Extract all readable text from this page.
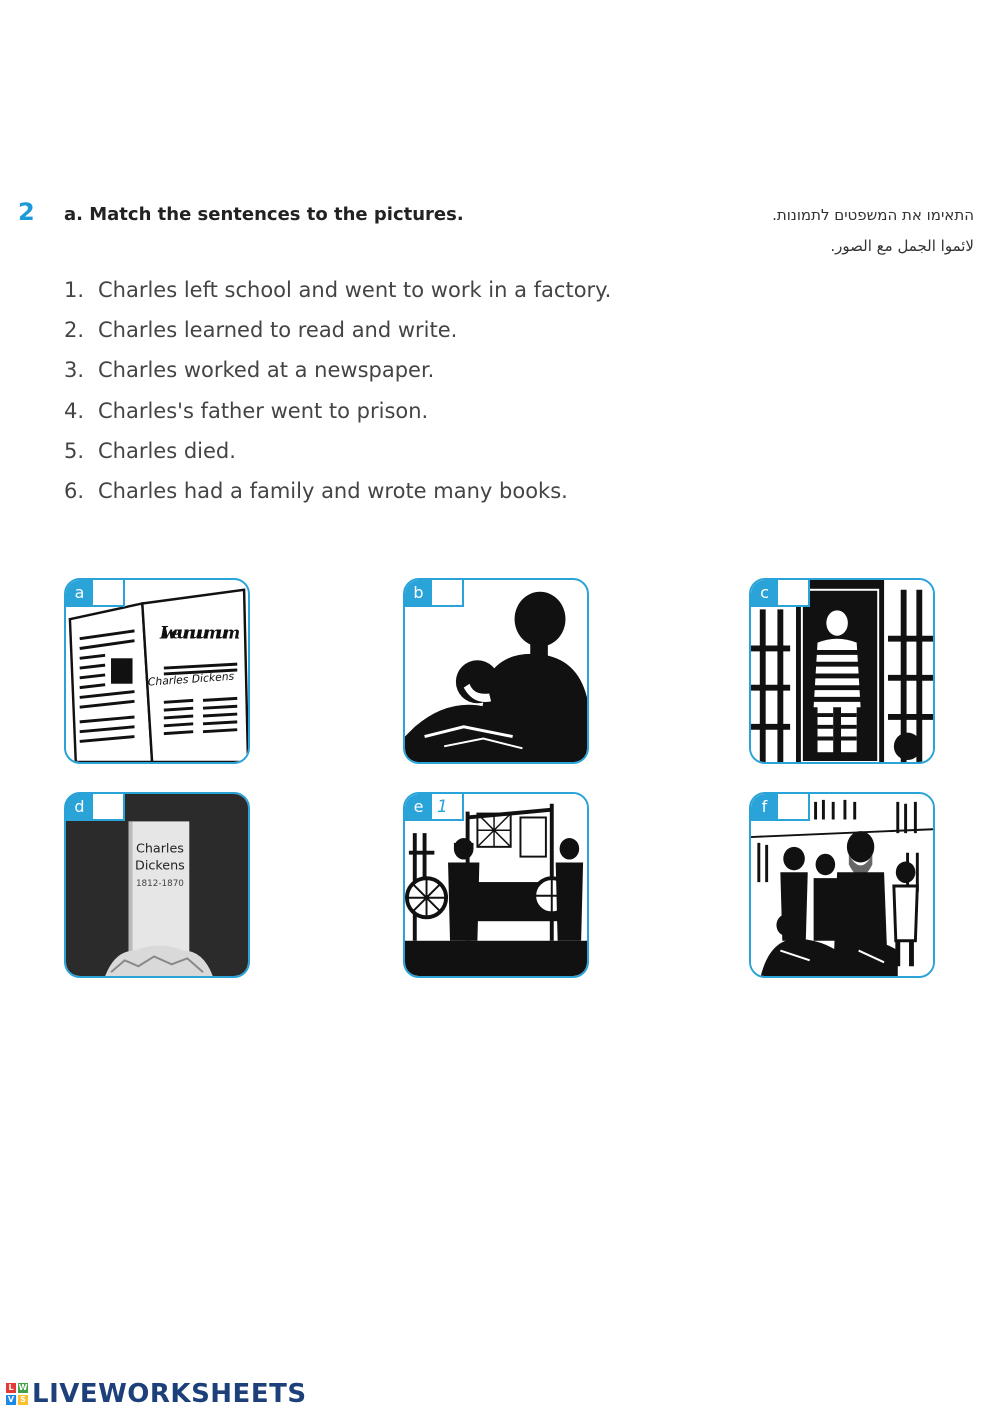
2 a. Match the sentences to the pictures.	התאימו את המשפטים לתמונות.
لائموا الجمل مع الصور.
1. Charles left school and went to work in a factory.
2. Charles learned to read and write.
3. Charles worked at a newspaper.
4. Charles's father went to prison.
5. Charles died.
6. Charles had a family and wrote many books.
a
Iwe unu um um
Charles Dickens
b	c
d
Charles
Dickens
1812-1870
e 1	f
L W
V S LIVEWORKSHEETS
